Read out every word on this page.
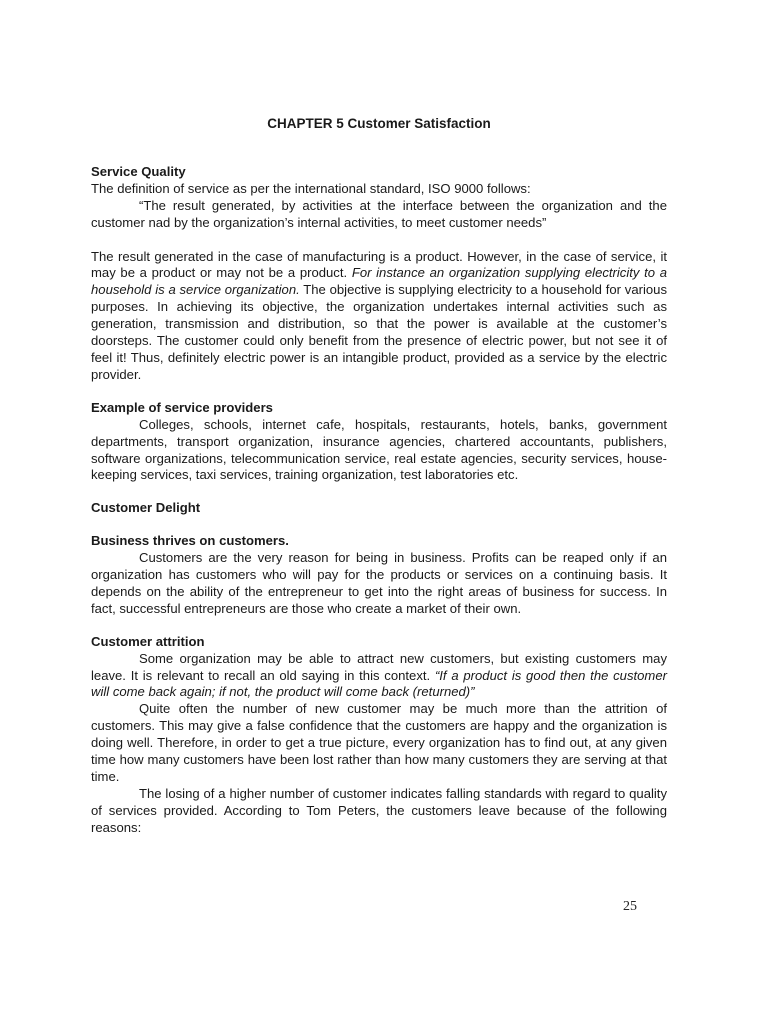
CHAPTER 5 Customer Satisfaction
Service Quality

The definition of service as per the international standard, ISO 9000 follows:

“The result generated, by activities at the interface between the organization and the customer nad by the organization’s internal activities, to meet customer needs”

The result generated in the case of manufacturing is a product. However, in the case of service, it may be a product or may not be a product. For instance an organization supplying electricity to a household is a service organization. The objective is supplying electricity to a household for various purposes. In achieving its objective, the organization undertakes internal activities such as generation, transmission and distribution, so that the power is available at the customer’s doorsteps. The customer could only benefit from the presence of electric power, but not see it of feel it! Thus, definitely electric power is an intangible product, provided as a service by the electric provider.

Example of service providers

Colleges, schools, internet cafe, hospitals, restaurants, hotels, banks, government departments, transport organization, insurance agencies, chartered accountants, publishers, software organizations, telecommunication service, real estate agencies, security services, house-keeping services, taxi services, training organization, test laboratories etc.

Customer Delight
Business thrives on customers.

Customers are the very reason for being in business. Profits can be reaped only if an organization has customers who will pay for the products or services on a continuing basis. It depends on the ability of the entrepreneur to get into the right areas of business for success. In fact, successful entrepreneurs are those who create a market of their own.

Customer attrition

Some organization may be able to attract new customers, but existing customers may leave. It is relevant to recall an old saying in this context. “If a product is good then the customer will come back again; if not, the product will come back (returned)”

Quite often the number of new customer may be much more than the attrition of customers. This may give a false confidence that the customers are happy and the organization is doing well. Therefore, in order to get a true picture, every organization has to find out, at any given time how many customers have been lost rather than how many customers they are serving at that time.

The losing of a higher number of customer indicates falling standards with regard to quality of services provided. According to Tom Peters, the customers leave because of the following reasons:

25
